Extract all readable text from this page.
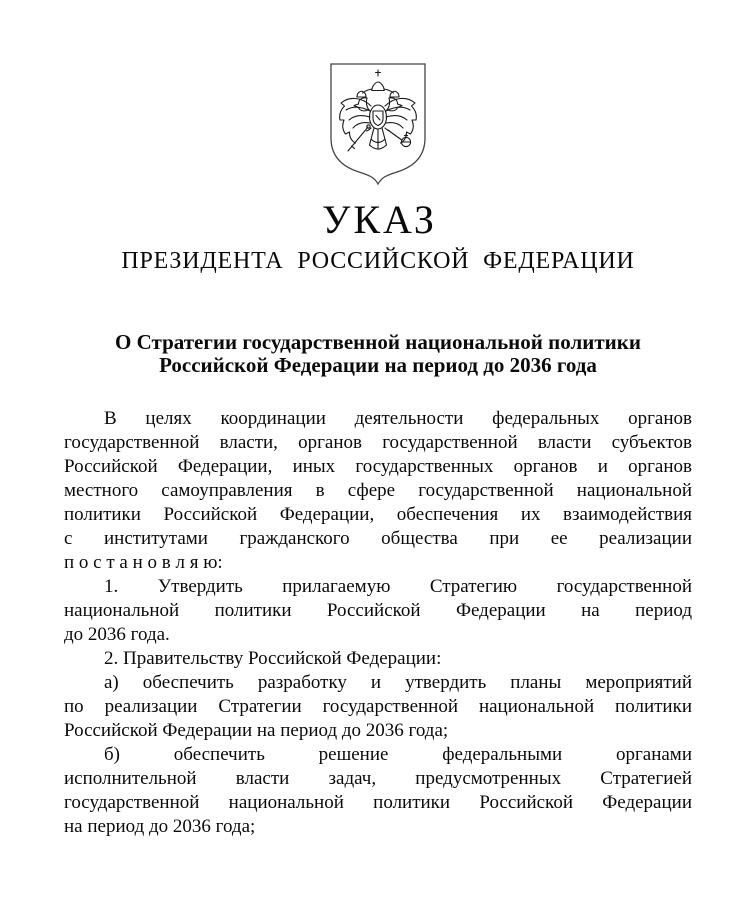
УКАЗ
ПРЕЗИДЕНТА РОССИЙСКОЙ ФЕДЕРАЦИИ
О Стратегии государственной национальной политики
Российской Федерации на период до 2036 года
В целях координации деятельности федеральных органов
государственной власти, органов государственной власти субъектов
Российской Федерации, иных государственных органов и органов
местного самоуправления в сфере государственной национальной
политики Российской Федерации, обеспечения их взаимодействия
с институтами гражданского общества при ее реализации
п о с т а н о в л я ю:
1. Утвердить прилагаемую Стратегию государственной
национальной политики Российской Федерации на период
до 2036 года.
2. Правительству Российской Федерации:
а) обеспечить разработку и утвердить планы мероприятий
по реализации Стратегии государственной национальной политики
Российской Федерации на период до 2036 года;
б) обеспечить решение федеральными органами
исполнительной власти задач, предусмотренных Стратегией
государственной национальной политики Российской Федерации
на период до 2036 года;
